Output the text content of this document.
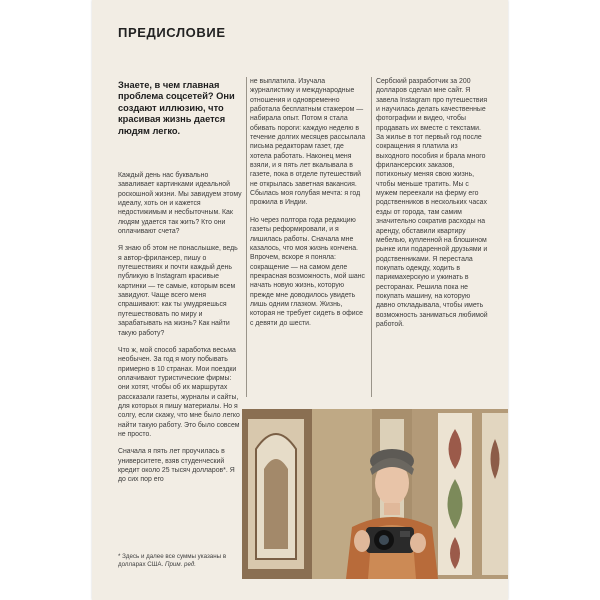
ПРЕДИСЛОВИЕ
Знаете, в чем главная проблема соцсетей? Они создают иллюзию, что красивая жизнь дается людям легко.

Каждый день нас буквально заваливает картинками идеальной роскошной жизни. Мы завидуем этому идеалу, хоть он и кажется недостижимым и несбыточным. Как людям удается так жить? Кто они оплачивают счета?

Я знаю об этом не понаслышке, ведь я автор-фрилансер, пишу о путешествиях и почти каждый день публикую в Instagram красивые картинки — те самые, которым всем завидуют. Чаще всего меня спрашивают: как ты умудряешься путешествовать по миру и зарабатывать на жизнь? Как найти такую работу?

Что ж, мой способ заработка весьма необычен. За год я могу побывать примерно в 10 странах. Мои поездки оплачивают туристические фирмы: они хотят, чтобы об их маршрутах рассказали газеты, журналы и сайты, для которых я пишу материалы. Но я солгу, если скажу, что мне было легко найти такую работу. Это было совсем не просто.

Сначала я пять лет проучилась в университете, взяв студенческий кредит около 25 тысяч долларов*. Я до сих пор его

не выплатила. Изучала журналистику и международные отношения и одновременно работала бесплатным стажером — набирала опыт. Потом я стала обивать пороги: каждую неделю в течение долгих месяцев рассылала письма редакторам газет, где хотела работать. Наконец меня взяли, и я пять лет вкалывала в газете, пока в отделе путешествий не открылась заветная вакансия. Сбылась моя голубая мечта: я год прожила в Индии.

Но через полтора года редакцию газеты реформировали, и я лишилась работы. Сначала мне казалось, что моя жизнь кончена. Впрочем, вскоре я поняла: сокращение — на самом деле прекрасная возможность, мой шанс начать новую жизнь, которую прежде мне доводилось увидеть лишь одним глазком. Жизнь, которая не требует сидеть в офисе с девяти до шести.

Сербский разработчик за 200 долларов сделал мне сайт. Я завела Instagram про путешествия и научилась делать качественные фотографии и видео, чтобы продавать их вместе с текстами. За жилье в тот первый год после сокращения я платила из выходного пособия и брала много фрилансерских заказов, потихоньку меняя свою жизнь, чтобы меньше тратить. Мы с мужем переехали на ферму его родственников в нескольких часах езды от города, там самим значительно сократив расходы на аренду, обставили квартиру мебелью, купленной на блошином рынке или подаренной друзьями и родственниками. Я перестала покупать одежду, ходить в парикмахерскую и ужинать в ресторанах. Решила пока не покупать машину, на которую давно откладывала, чтобы иметь возможность заниматься любимой работой.

* Здесь и далее все суммы указаны в долларах США. Прим. ред.
